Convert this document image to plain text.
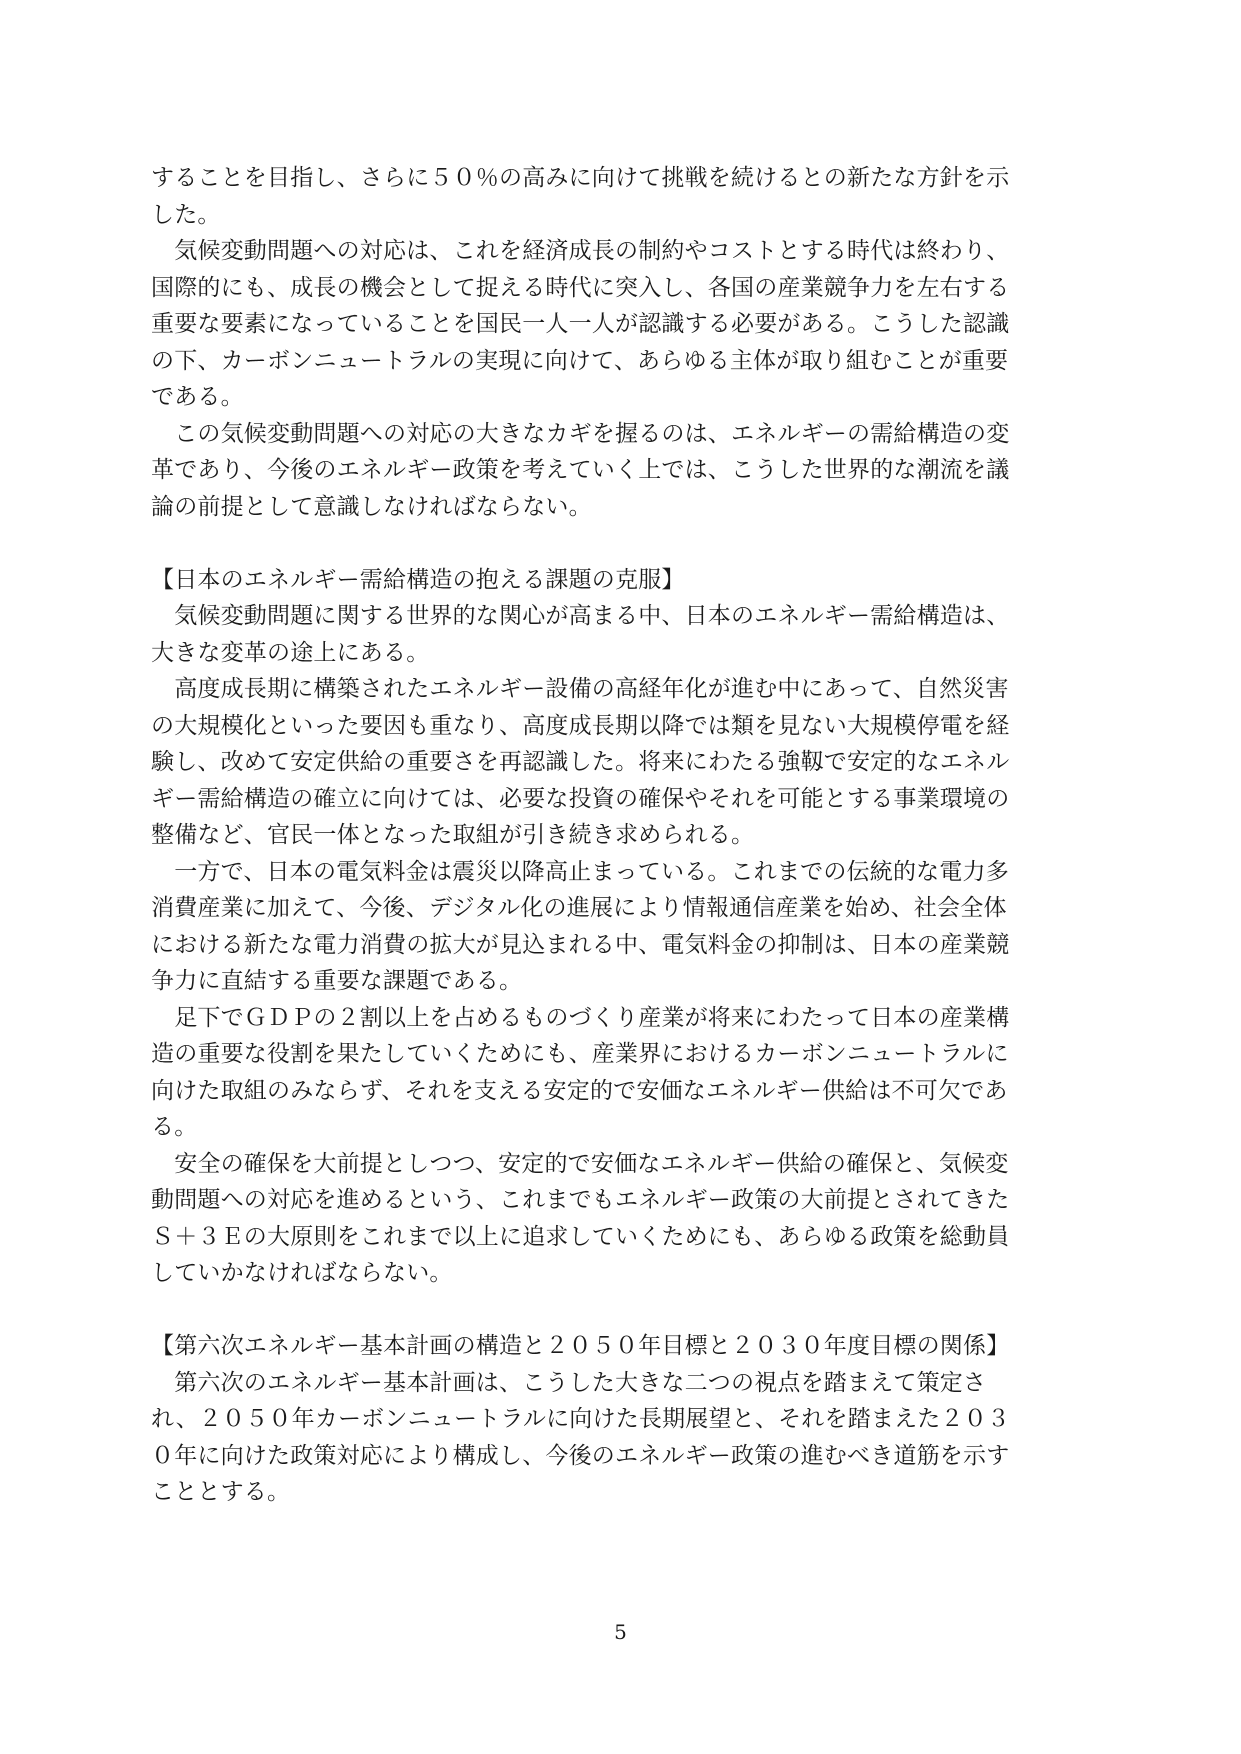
することを目指し、さらに５０％の高みに向けて挑戦を続けるとの新たな方針を示
した。
　気候変動問題への対応は、これを経済成長の制約やコストとする時代は終わり、
国際的にも、成長の機会として捉える時代に突入し、各国の産業競争力を左右する
重要な要素になっていることを国民一人一人が認識する必要がある。こうした認識
の下、カーボンニュートラルの実現に向けて、あらゆる主体が取り組むことが重要
である。
　この気候変動問題への対応の大きなカギを握るのは、エネルギーの需給構造の変
革であり、今後のエネルギー政策を考えていく上では、こうした世界的な潮流を議
論の前提として意識しなければならない。
【日本のエネルギー需給構造の抱える課題の克服】
　気候変動問題に関する世界的な関心が高まる中、日本のエネルギー需給構造は、
大きな変革の途上にある。
　高度成長期に構築されたエネルギー設備の高経年化が進む中にあって、自然災害
の大規模化といった要因も重なり、高度成長期以降では類を見ない大規模停電を経
験し、改めて安定供給の重要さを再認識した。将来にわたる強靱で安定的なエネル
ギー需給構造の確立に向けては、必要な投資の確保やそれを可能とする事業環境の
整備など、官民一体となった取組が引き続き求められる。
　一方で、日本の電気料金は震災以降高止まっている。これまでの伝統的な電力多
消費産業に加えて、今後、デジタル化の進展により情報通信産業を始め、社会全体
における新たな電力消費の拡大が見込まれる中、電気料金の抑制は、日本の産業競
争力に直結する重要な課題である。
　足下でＧＤＰの２割以上を占めるものづくり産業が将来にわたって日本の産業構
造の重要な役割を果たしていくためにも、産業界におけるカーボンニュートラルに
向けた取組のみならず、それを支える安定的で安価なエネルギー供給は不可欠であ
る。
　安全の確保を大前提としつつ、安定的で安価なエネルギー供給の確保と、気候変
動問題への対応を進めるという、これまでもエネルギー政策の大前提とされてきた
Ｓ＋３Ｅの大原則をこれまで以上に追求していくためにも、あらゆる政策を総動員
していかなければならない。
【第六次エネルギー基本計画の構造と２０５０年目標と２０３０年度目標の関係】
　第六次のエネルギー基本計画は、こうした大きな二つの視点を踏まえて策定さ
れ、２０５０年カーボンニュートラルに向けた長期展望と、それを踏まえた２０３
０年に向けた政策対応により構成し、今後のエネルギー政策の進むべき道筋を示す
こととする。
5
